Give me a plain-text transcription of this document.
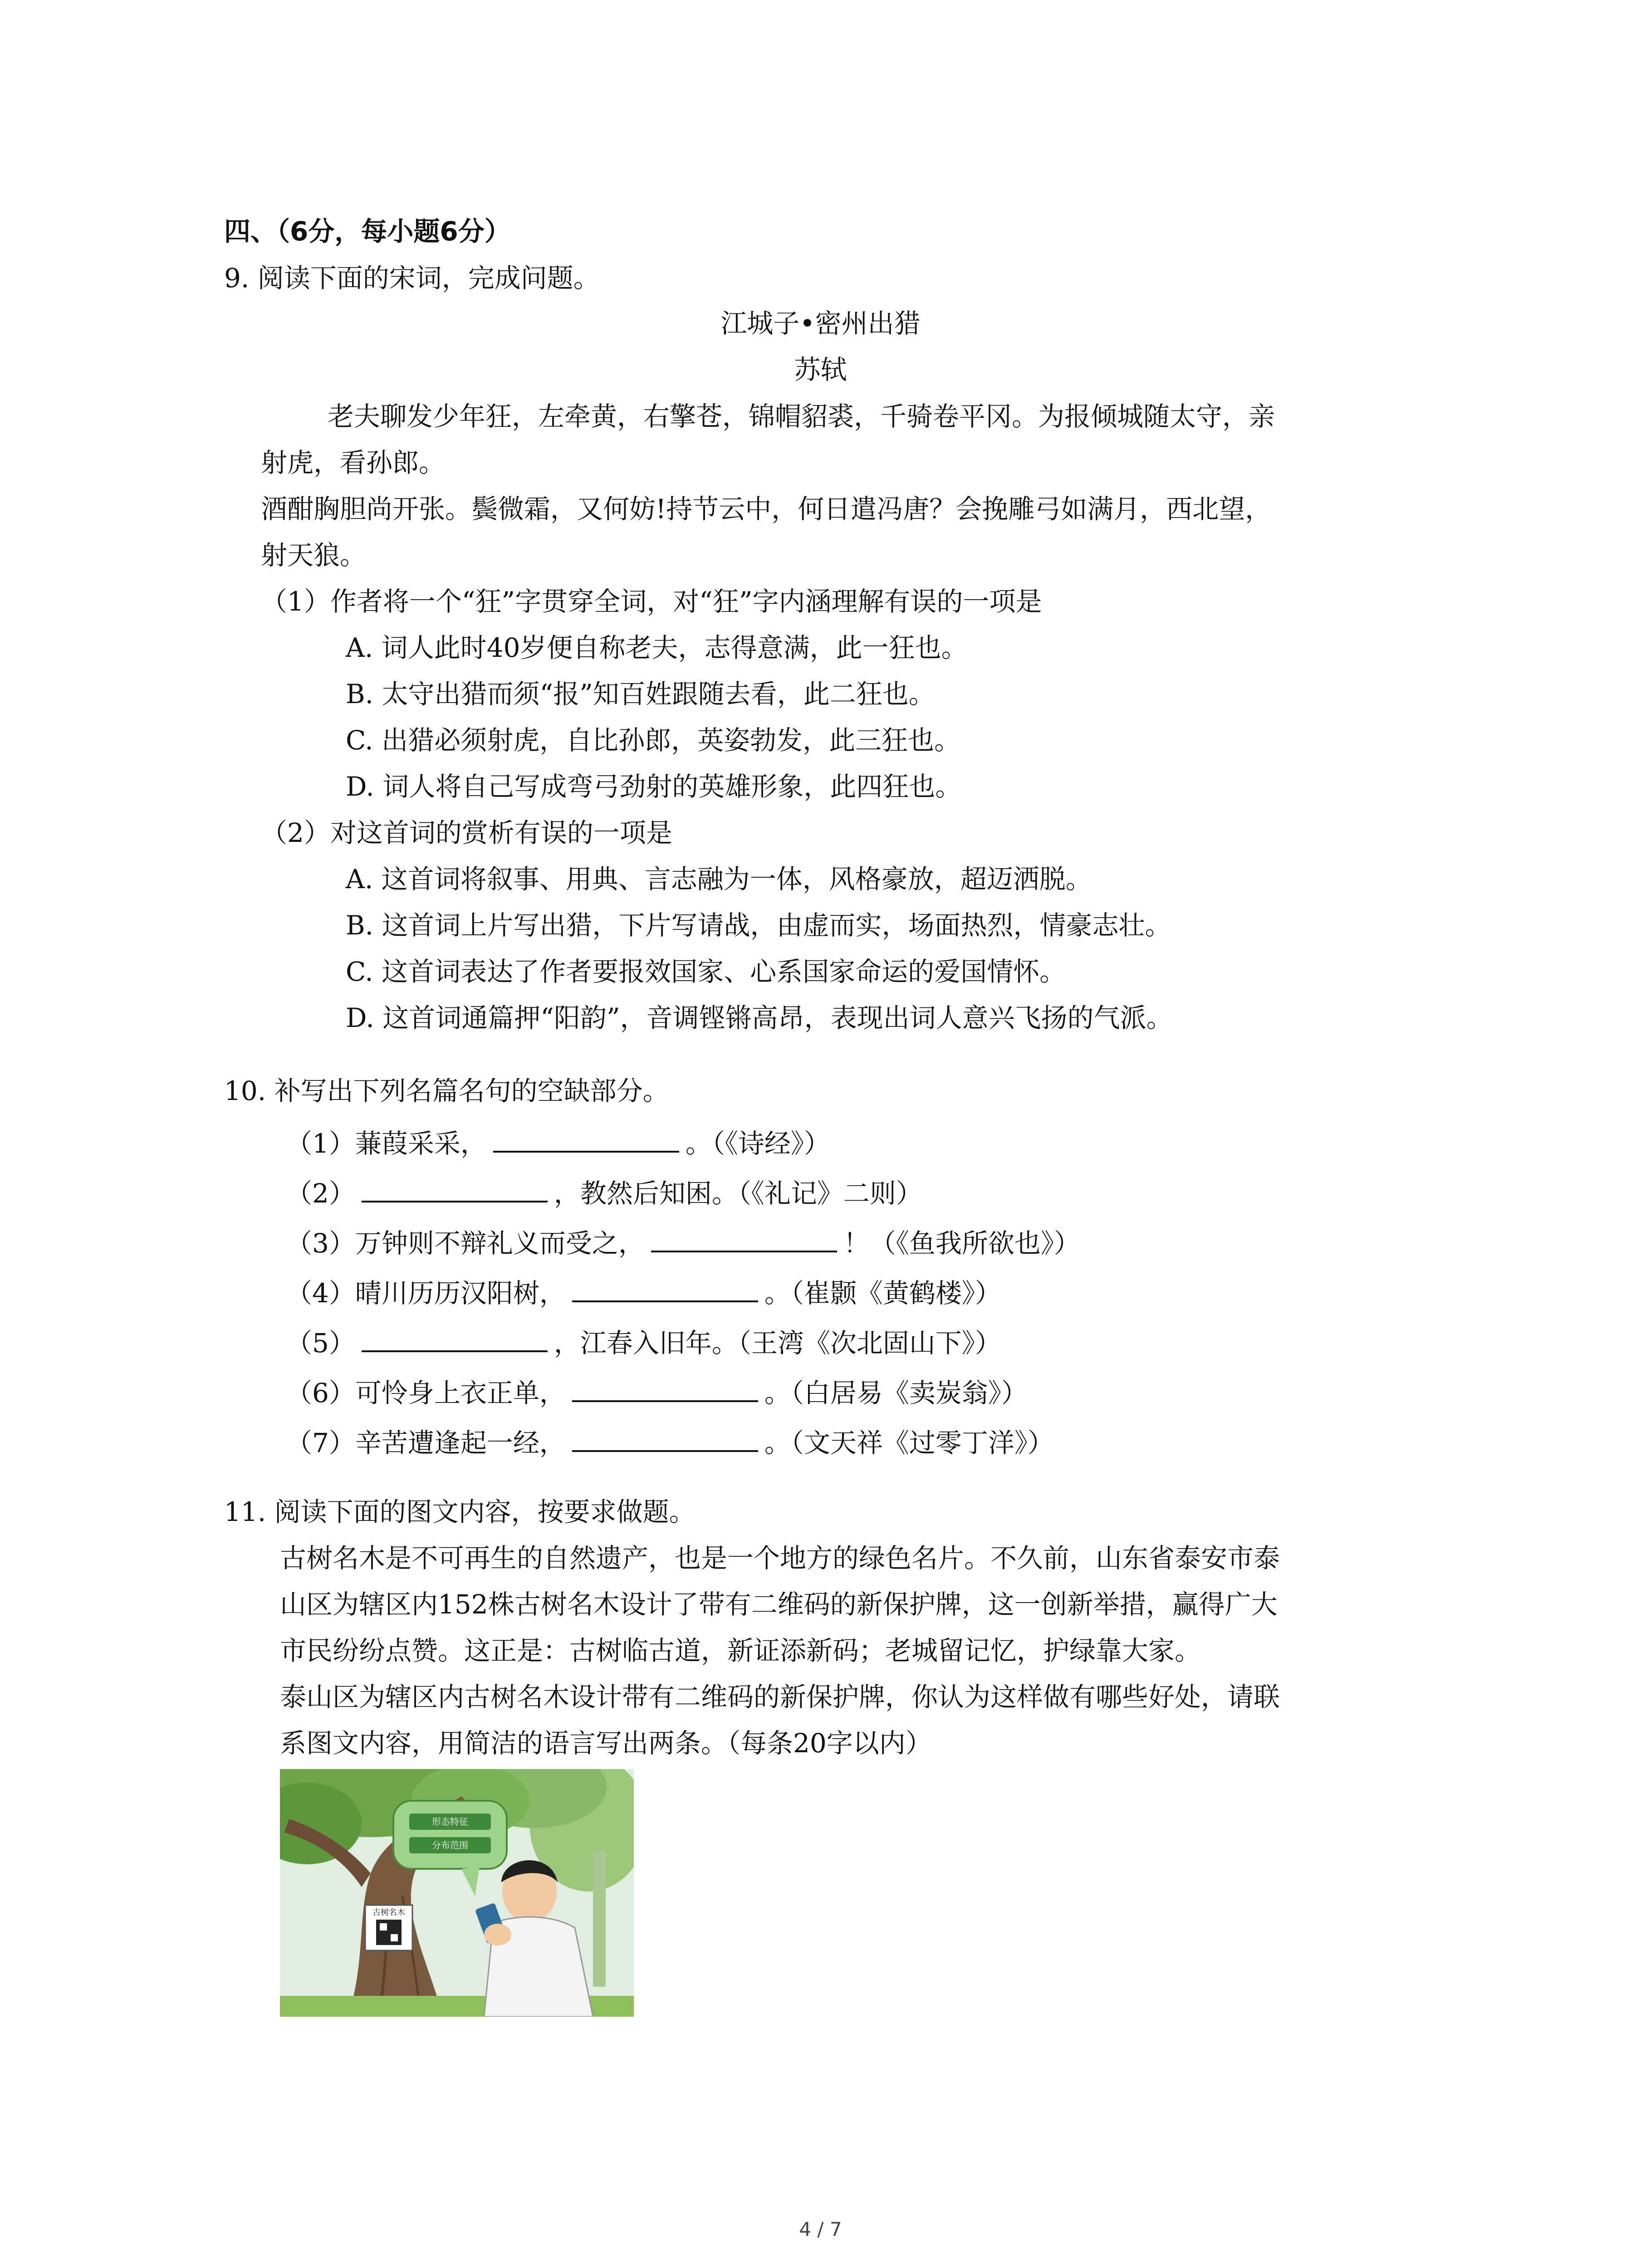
四、（6分，每小题6分）
9. 阅读下面的宋词，完成问题。
江城子•密州出猎
苏轼
老夫聊发少年狂，左牵黄，右擎苍，锦帽貂裘，千骑卷平冈。为报倾城随太守，亲
射虎，看孙郎。
酒酣胸胆尚开张。鬓微霜，又何妨!持节云中，何日遣冯唐？会挽雕弓如满月，西北望，
射天狼。
（1）作者将一个“狂”字贯穿全词，对“狂”字内涵理解有误的一项是
A. 词人此时40岁便自称老夫，志得意满，此一狂也。
B. 太守出猎而须“报”知百姓跟随去看，此二狂也。
C. 出猎必须射虎，自比孙郎，英姿勃发，此三狂也。
D. 词人将自己写成弯弓劲射的英雄形象，此四狂也。
（2）对这首词的赏析有误的一项是
A. 这首词将叙事、用典、言志融为一体，风格豪放，超迈洒脱。
B. 这首词上片写出猎，下片写请战，由虚而实，场面热烈，情豪志壮。
C. 这首词表达了作者要报效国家、心系国家命运的爱国情怀。
D. 这首词通篇押“阳韵”，音调铿锵高昂，表现出词人意兴飞扬的气派。
10. 补写出下列名篇名句的空缺部分。
（1）蒹葭采采，	。（《诗经》）
（2）	，教然后知困。（《礼记》二则）
（3）万钟则不辩礼义而受之，	！（《鱼我所欲也》）
（4）晴川历历汉阳树，	。（崔颢《黄鹤楼》）
（5）	，江春入旧年。（王湾《次北固山下》）
（6）可怜身上衣正单，	。（白居易《卖炭翁》）
（7）辛苦遭逢起一经，	。（文天祥《过零丁洋》）
11. 阅读下面的图文内容，按要求做题。
古树名木是不可再生的自然遗产，也是一个地方的绿色名片。不久前，山东省泰安市泰
山区为辖区内152株古树名木设计了带有二维码的新保护牌，这一创新举措，赢得广大
市民纷纷点赞。这正是：古树临古道，新证添新码；老城留记忆，护绿靠大家。
泰山区为辖区内古树名木设计带有二维码的新保护牌，你认为这样做有哪些好处，请联
系图文内容，用简洁的语言写出两条。（每条20字以内）
古树名木
形态特征
分布范围
4 / 7
